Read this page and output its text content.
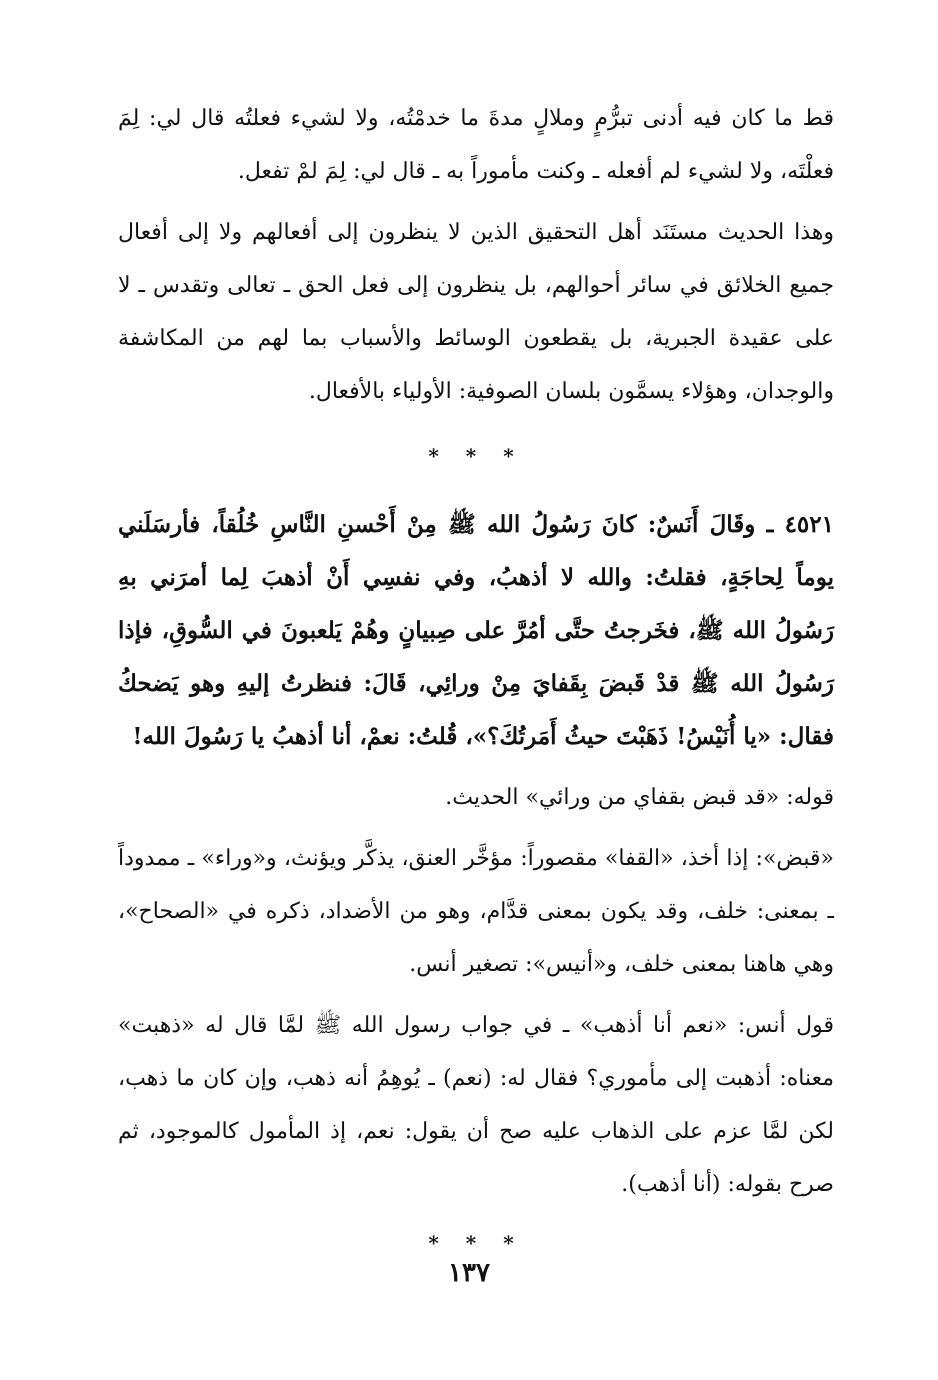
قط ما كان فيه أدنى تبرُّمٍ وملالٍ مدةَ ما خدمْتُه، ولا لشيء فعلتُه قال لي: لِمَ فعلْتَه، ولا لشيء لم أفعله ـ وكنت مأموراً به ـ قال لي: لِمَ لمْ تفعل.

وهذا الحديث مستَنَد أهل التحقيق الذين لا ينظرون إلى أفعالهم ولا إلى أفعال جميع الخلائق في سائر أحوالهم، بل ينظرون إلى فعل الحق ـ تعالى وتقدس ـ لا على عقيدة الجبرية، بل يقطعون الوسائط والأسباب بما لهم من المكاشفة والوجدان، وهؤلاء يسمَّون بلسان الصوفية: الأولياء بالأفعال.

* * *

٤٥٢١ ـ وقَالَ أَنَسٌ: كانَ رَسُولُ الله ﷺ مِنْ أَحْسنِ النَّاسِ خُلُقاً، فأرسَلَني يوماً لِحاجَةٍ، فقلتُ: والله لا أذهبُ، وفي نفسِي أَنْ أذهبَ لِما أمرَني بهِ رَسُولُ الله ﷺ، فخَرجتُ حتَّى أمُرَّ على صِبيانٍ وهُمْ يَلعبونَ في السُّوقِ، فإذا رَسُولُ الله ﷺ قدْ قَبضَ بِقَفايَ مِنْ ورائِي، قَالَ: فنظرتُ إليهِ وهو يَضحكُ فقال: «يا أُنَيْسُ! ذَهَبْتَ حيثُ أَمَرتُكَ؟»، قُلتُ: نعمْ، أنا أذهبُ يا رَسُولَ الله!

قوله: «قد قبض بقفاي من ورائي» الحديث.

«قبض»: إذا أخذ، «القفا» مقصوراً: مؤخَّر العنق، يذكَّر ويؤنث، و«وراء» ـ ممدوداً ـ بمعنى: خلف، وقد يكون بمعنى قدَّام، وهو من الأضداد، ذكره في «الصحاح»، وهي هاهنا بمعنى خلف، و«أنيس»: تصغير أنس.

قول أنس: «نعم أنا أذهب» ـ في جواب رسول الله ﷺ لمَّا قال له «ذهبت» معناه: أذهبت إلى مأموري؟ فقال له: (نعم) ـ يُوهِمُ أنه ذهب، وإن كان ما ذهب، لكن لمَّا عزم على الذهاب عليه صح أن يقول: نعم، إذ المأمول كالموجود، ثم صرح بقوله: (أنا أذهب).

* * *
١٣٧
